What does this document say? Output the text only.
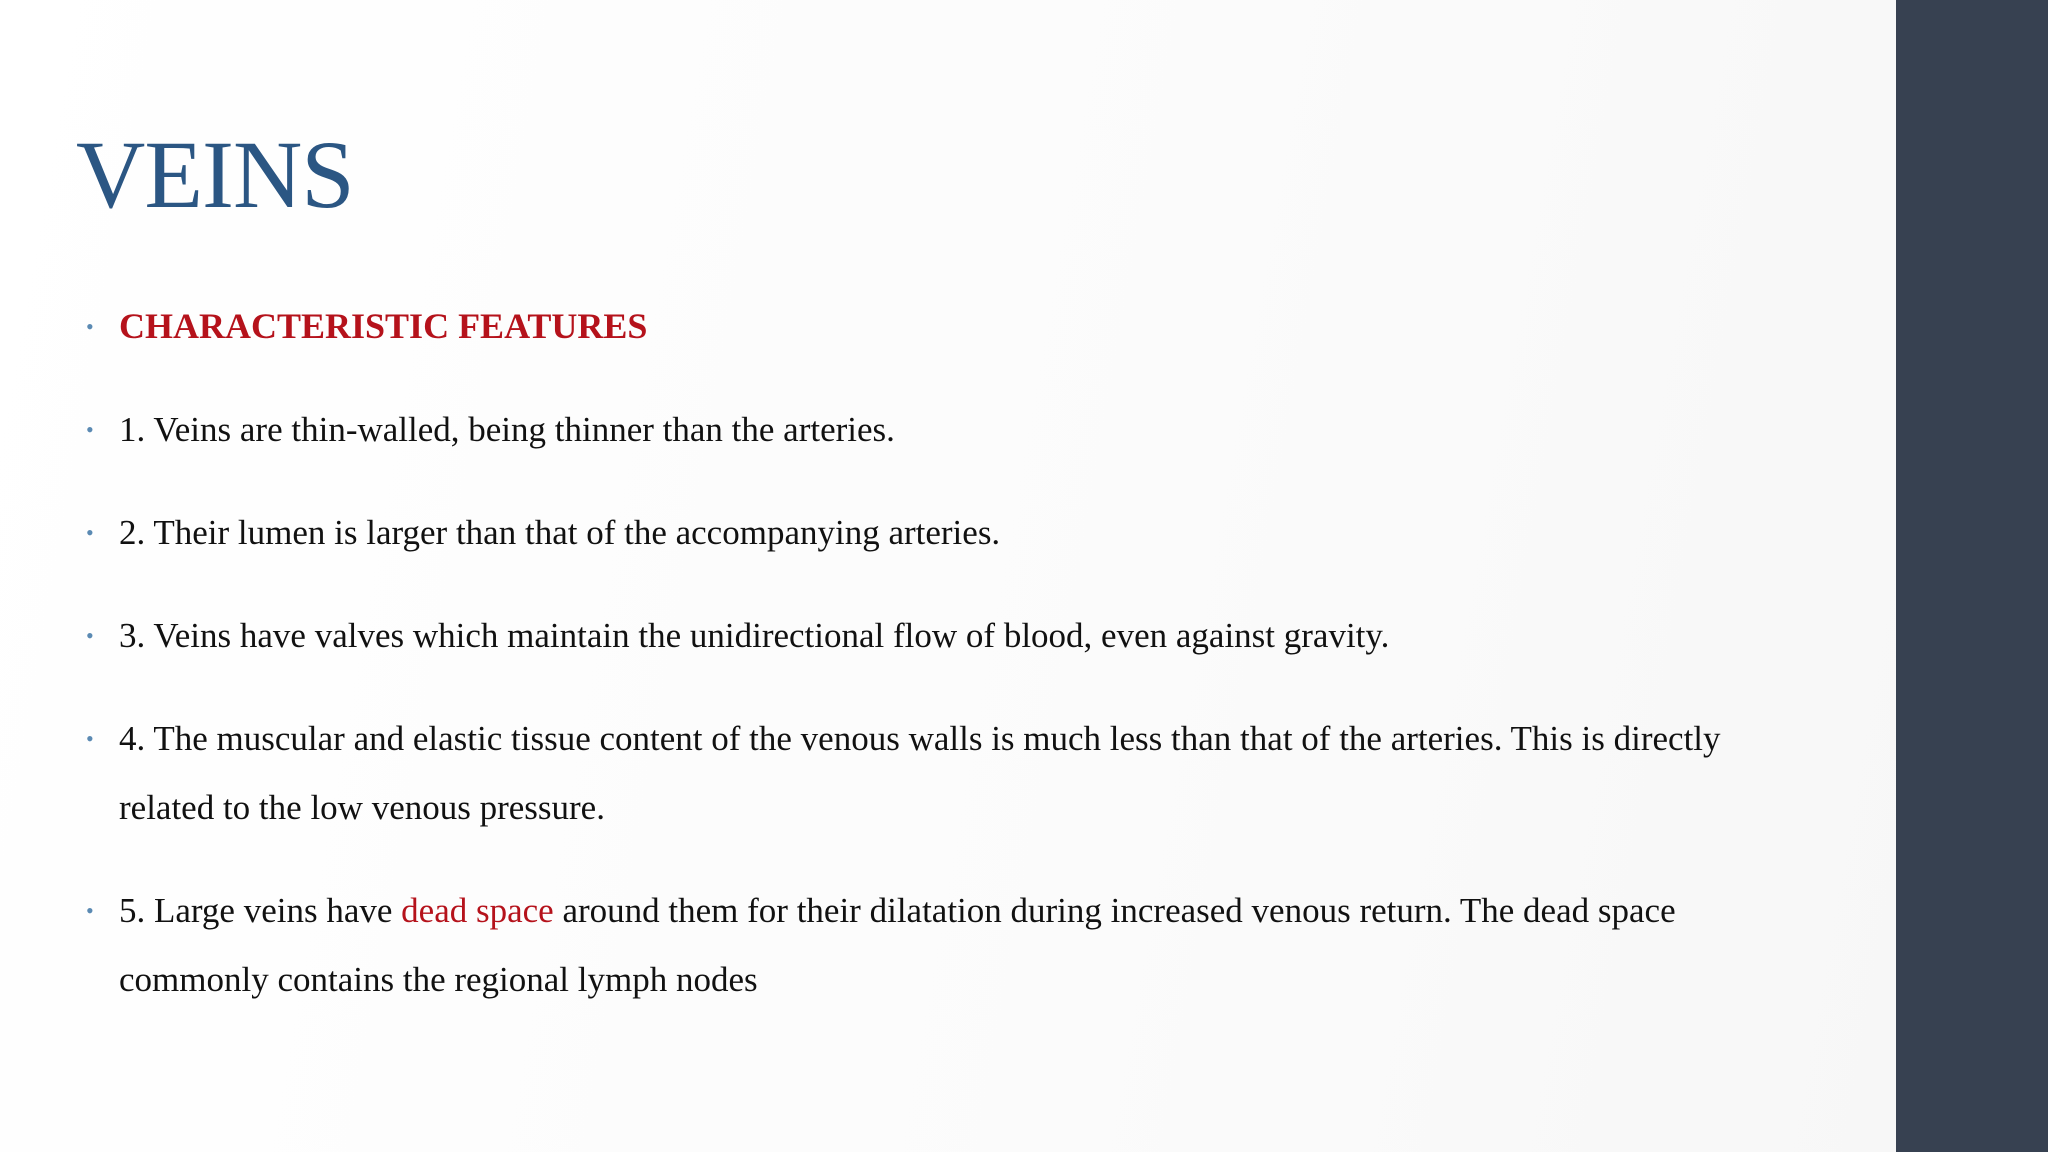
VEINS
• CHARACTERISTIC FEATURES
• 1. Veins are thin-walled, being thinner than the arteries.
• 2. Their lumen is larger than that of the accompanying arteries.
• 3. Veins have valves which maintain the unidirectional flow of blood, even against gravity.
• 4. The muscular and elastic tissue content of the venous walls is much less than that of the arteries. This is directly related to the low venous pressure.
• 5. Large veins have dead space around them for their dilatation during increased venous return. The dead space commonly contains the regional lymph nodes
